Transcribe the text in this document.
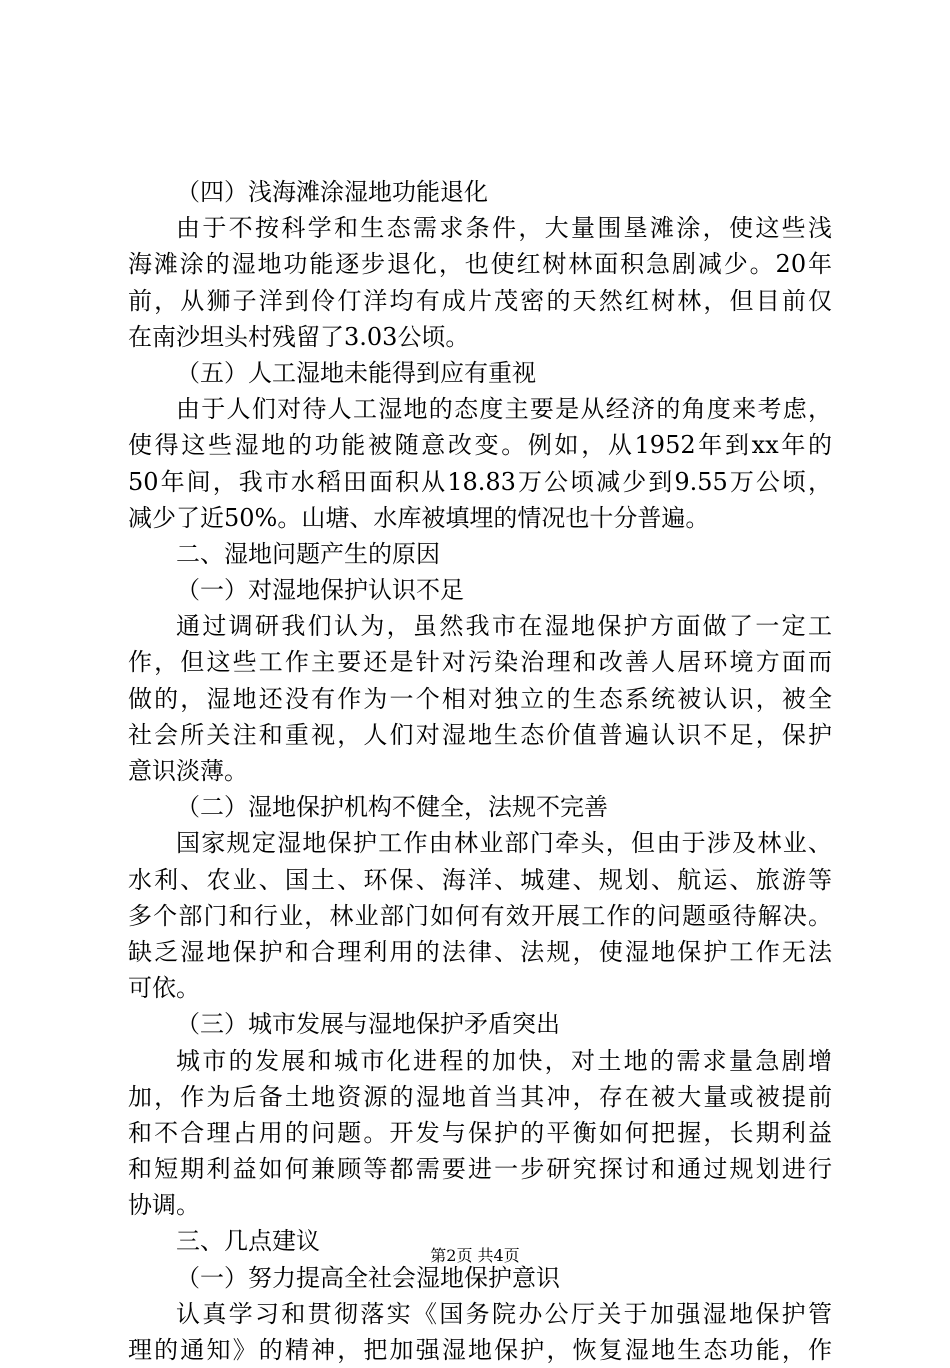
（四）浅海滩涂湿地功能退化
由于不按科学和生态需求条件，大量围垦滩涂，使这些浅
海滩涂的湿地功能逐步退化，也使红树林面积急剧减少。20年
前，从狮子洋到伶仃洋均有成片茂密的天然红树林，但目前仅
在南沙坦头村残留了3.03公顷。
（五）人工湿地未能得到应有重视
由于人们对待人工湿地的态度主要是从经济的角度来考虑，
使得这些湿地的功能被随意改变。例如，从1952年到xx年的
50年间，我市水稻田面积从18.83万公顷减少到9.55万公顷，
减少了近50%。山塘、水库被填埋的情况也十分普遍。
二、湿地问题产生的原因
（一）对湿地保护认识不足
通过调研我们认为，虽然我市在湿地保护方面做了一定工
作，但这些工作主要还是针对污染治理和改善人居环境方面而
做的，湿地还没有作为一个相对独立的生态系统被认识，被全
社会所关注和重视，人们对湿地生态价值普遍认识不足，保护
意识淡薄。
（二）湿地保护机构不健全，法规不完善
国家规定湿地保护工作由林业部门牵头，但由于涉及林业、
水利、农业、国土、环保、海洋、城建、规划、航运、旅游等
多个部门和行业，林业部门如何有效开展工作的问题亟待解决。
缺乏湿地保护和合理利用的法律、法规，使湿地保护工作无法
可依。
（三）城市发展与湿地保护矛盾突出
城市的发展和城市化进程的加快，对土地的需求量急剧增
加，作为后备土地资源的湿地首当其冲，存在被大量或被提前
和不合理占用的问题。开发与保护的平衡如何把握，长期利益
和短期利益如何兼顾等都需要进一步研究探讨和通过规划进行
协调。
三、几点建议
（一）努力提高全社会湿地保护意识
认真学习和贯彻落实《国务院办公厅关于加强湿地保护管
理的通知》的精神，把加强湿地保护，恢复湿地生态功能，作
第2页 共4页
